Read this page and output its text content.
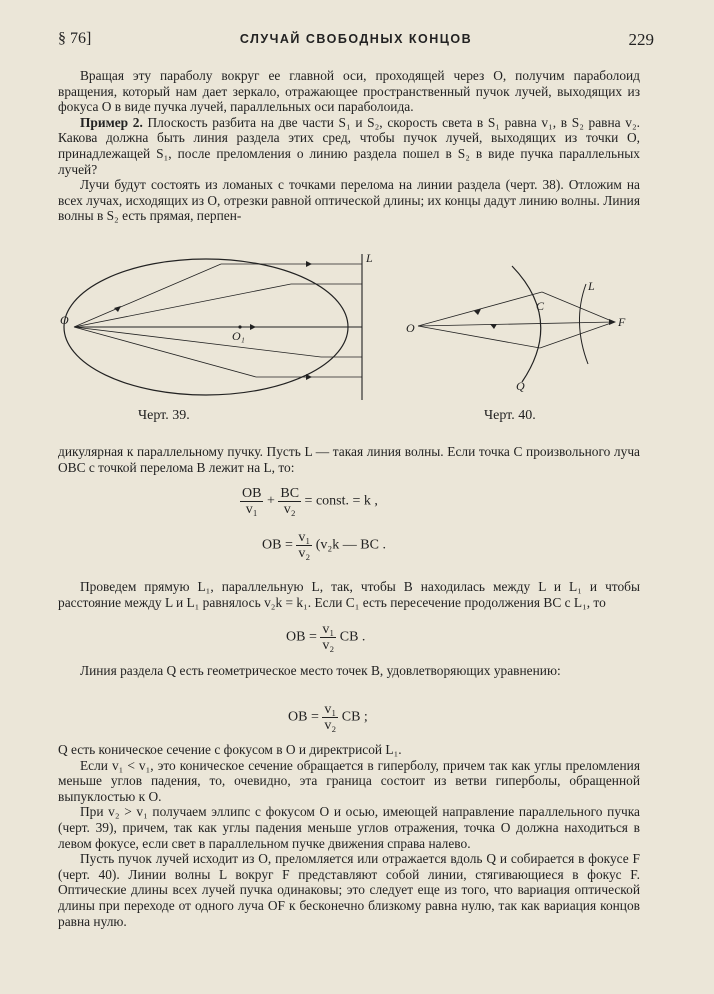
§ 76]	СЛУЧАЙ СВОБОДНЫХ КОНЦОВ	229

Вращая эту параболу вокруг ее главной оси, проходящей через O, получим параболоид вращения, который нам дает зеркало, отражающее пространственный пучок лучей, выходящих из фокуса O в виде пучка лучей, параллельных оси параболоида.

Пример 2. Плоскость разбита на две части S₁ и S₂, скорость света в S₁ равна v₁, в S₂ равна v₂. Какова должна быть линия раздела этих сред, чтобы пучок лучей, выходящих из точки O, принадлежащей S₁, после преломления о линию раздела пошел в S₂ в виде пучка параллельных лучей?

Лучи будут состоять из ломаных с точками перелома на линии раздела (черт. 38). Отложим на всех лучах, исходящих из O, отрезки равной оптической длины; их концы дадут линию волны. Линия волны в S₂ есть прямая, перпен-

O
O₁
L
O
C
L
F
Q
Черт. 39.	Черт. 40.

дикулярная к параллельному пучку. Пусть L — такая линия волны. Если точка C произвольного луча OBC с точкой перелома B лежит на L, то:

$\frac{OB}{\text{v₁}} + \frac{BC}{\text{v₂}}$ = const. = k ,
OB = $\frac{\text{v₁}}{\text{v₂}} (v_2k$ — BC .

Проведем прямую L₁, параллельную L, так, чтобы B находилась между L и L₁ и чтобы расстояние между L и L₁ равнялось v₂k = k₁. Если C₁ есть пересечение продолжения BC с L₁, то

OB = $\frac{\text{v₁}}{\text{v₂}}$ CB .

Линия раздела Q есть геометрическое место точек B, удовлетворяющих уравнению:

OB = $\frac{\text{v₁}}{\text{v₂}}$ CB ;

Q есть коническое сечение с фокусом в O и директрисой L₁.

Если v₁ < v₁, это коническое сечение обращается в гиперболу, причем так как углы преломления меньше углов падения, то, очевидно, эта граница состоит из ветви гиперболы, обращенной выпуклостью к O.

При v₂ > v₁ получаем эллипс с фокусом O и осью, имеющей направление параллельного пучка (черт. 39), причем, так как углы падения меньше углов отражения, точка O должна находиться в левом фокусе, если свет в параллельном пучке движения справа налево.

Пусть пучок лучей исходит из O, преломляется или отражается вдоль Q и собирается в фокусе F (черт. 40). Линии волны L вокруг F представляют собой линии, стягивающиеся в фокус F. Оптические длины всех лучей пучка одинаковы; это следует еще из того, что вариация оптической длины при переходе от одного луча OF к бесконечно близкому равна нулю, так как вариация концов равна нулю.
